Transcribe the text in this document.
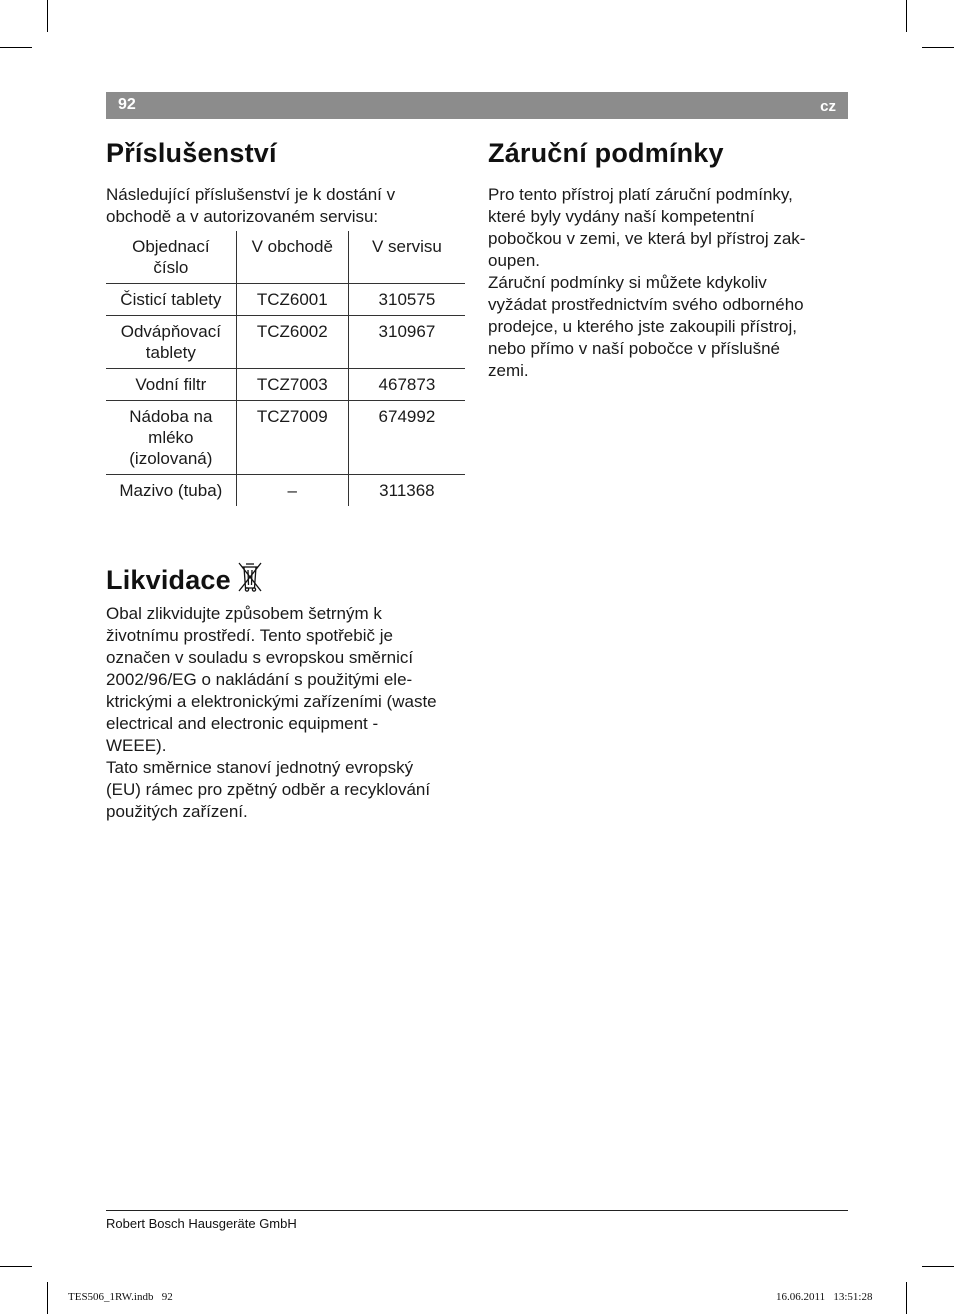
92	cz
Příslušenství

Následující příslušenství je k dostání v
obchodě a v autorizovaném servisu:

Objednací
číslo	V obchodě	V servisu
Čisticí tablety	TCZ6001	310575
Odvápňovací
tablety	TCZ6002	310967
Vodní filtr	TCZ7003	467873
Nádoba na
mléko
(izolovaná)	TCZ7009	674992
Mazivo (tuba)	–	311368
Likvidace

Obal zlikvidujte způsobem šetrným k
životnímu prostředí. Tento spotřebič je
označen v souladu s evropskou směrnicí
2002/96/EG o nakládání s použitými ele-
ktrickými a elektronickými zařízeními (waste
electrical and electronic equipment -
WEEE).
Tato směrnice stanoví jednotný evropský
(EU) rámec pro zpětný odběr a recyklování
použitých zařízení.

Záruční podmínky

Pro tento přístroj platí záruční podmínky,
které byly vydány naší kompetentní
pobočkou v zemi, ve která byl přístroj zak-
oupen.
Záruční podmínky si můžete kdykoliv
vyžádat prostřednictvím svého odborného
prodejce, u kterého jste zakoupili přístroj,
nebo přímo v naší pobočce v příslušné
zemi.

Robert Bosch Hausgeräte GmbH
TES506_1RW.indb   92	16.06.2011   13:51:28
